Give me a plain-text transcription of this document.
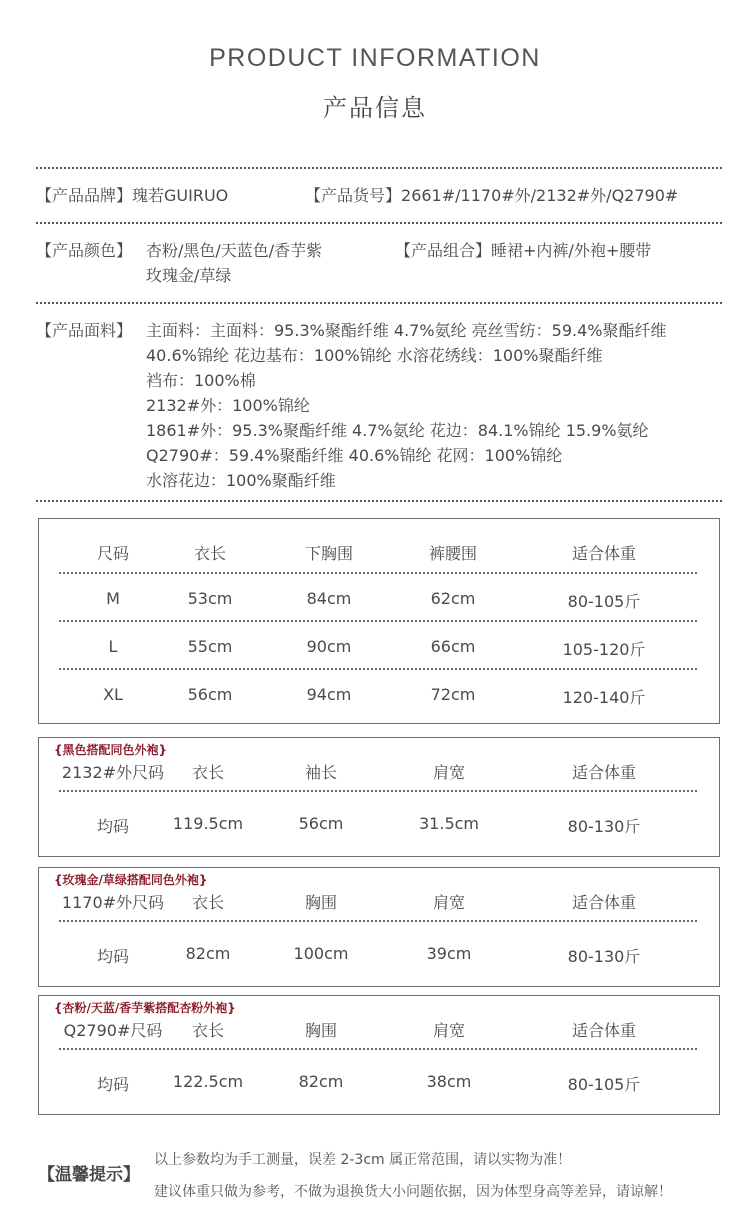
PRODUCT INFORMATION
产品信息
【产品品牌】瑰若GUIRUO	【产品货号】2661#/1170#外/2132#外/Q2790#
【产品颜色】 杏粉/黑色/天蓝色/香芋紫
玫瑰金/草绿
【产品组合】睡裙+内裤/外袍+腰带
【产品面料】 主面料：主面料：95.3%聚酯纤维 4.7%氨纶 亮丝雪纺：59.4%聚酯纤维
40.6%锦纶 花边基布：100%锦纶 水溶花绣线：100%聚酯纤维
裆布：100%棉
2132#外：100%锦纶
1861#外：95.3%聚酯纤维 4.7%氨纶 花边：84.1%锦纶 15.9%氨纶
Q2790#：59.4%聚酯纤维 40.6%锦纶 花网：100%锦纶
水溶花边：100%聚酯纤维
尺码	衣长	下胸围	裤腰围	适合体重
M	53cm	84cm	62cm	80-105斤
L	55cm	90cm	66cm	105-120斤
XL	56cm	94cm	72cm	120-140斤
{黑色搭配同色外袍}
2132#外尺码 衣长	袖长	肩宽	适合体重
均码	119.5cm	56cm	31.5cm	80-130斤
{玫瑰金/草绿搭配同色外袍}
1170#外尺码 衣长	胸围	肩宽	适合体重
均码	82cm	100cm	39cm	80-130斤
{杏粉/天蓝/香芋紫搭配杏粉外袍}
Q2790#尺码 衣长	胸围	肩宽	适合体重
均码	122.5cm	82cm	38cm	80-105斤
【温馨提示】
以上参数均为手工测量，误差 2-3cm 属正常范围，请以实物为准！
建议体重只做为参考，不做为退换货大小问题依据，因为体型身高等差异，请谅解！
